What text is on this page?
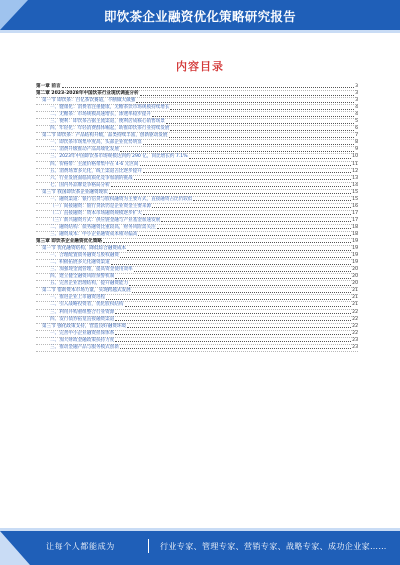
即饮茶企业融资优化策略研究报告
内容目录
第一章 前言	3
第二章 2023-2028年中国饮茶行业现状调查分析	3
第一节 即饮茶：百亿茶饮赛道，不断做大做强	3
一、健康化：消费者注重健康，无糖茶饮市场规模持续增长	4
二、无糖茶：市场规模高速增长，渗透率稳步提升	4
三、便利：即饮茶占据主流渠道，便利店成核心销售场景	5
四、年轻化：年轻消费群体崛起，助推即饮茶行业持续发展	6
第二节 即饮茶：产品结构升级，品类持续丰富，创新驱动发展	7
一、即饮茶市场集中度高，头部企业优势明显	8
二、消费升级推动产品高端化发展	9
三、2023年中国即饮茶市场规模达到约 290 亿，同比增长约 7.1%	10
四、价格带：主流价格带集中在 4-6 元区间	11
五、消费场景多元化，线上渠道占比逐步提升	12
六、行业发展面临同质化竞争加剧的挑战	13
七、国内外品牌竞争格局分析	14
第三节 我国即饮茶企业融资现状	15
一、融资渠道：银行信贷与股权融资为主要方式，直接融资占比仍较低	15
（一）间接融资：银行贷款仍是企业资金主要来源	16
（二）直接融资：资本市场融资规模逐步扩大	17
（三）新兴融资方式：供应链金融与产业基金加速发展	17
二、融资结构：债务融资比重较高，财务风险需关注	18
三、融资成本：中小企业融资成本相对偏高	18
第三章 即饮茶企业融资优化策略	19
第一节 优化融资结构，降低综合融资成本	19
一、合理配置债务融资与股权融资	19
二、积极拓展多元化融资渠道	19
三、加强现金流管理，提高资金使用效率	20
四、建立健全融资风险预警机制	20
五、完善企业治理结构，提升融资能力	20
第二节 借助资本市场力量，实现跨越式发展	21
一、推进企业上市融资进程	21
二、引入战略投资者，优化股权结构	21
三、利用并购重组整合行业资源	22
四、发行债券拓宽直接融资渠道	22
第三节 强化政策支持，营造良好融资环境	22
一、完善中小企业融资担保体系	22
二、加大财政金融政策扶持力度	23
三、推动金融产品与服务模式创新	23
让每个人都能成为	行业专家、管理专家、营销专家、战略专家、成功企业家……
